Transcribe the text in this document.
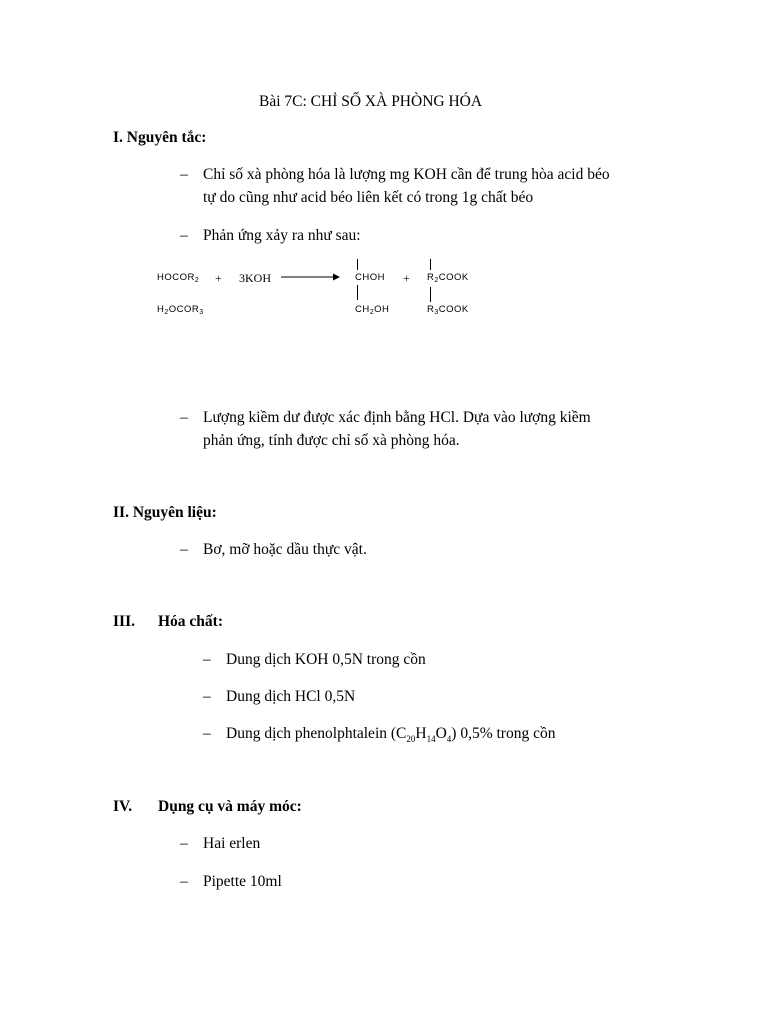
Bài 7C: CHỈ SỐ XÀ PHÒNG HÓA
I. Nguyên tắc:
– Chỉ số xà phòng hóa là lượng mg KOH cần để trung hòa acid béo
tự do cũng như acid béo liên kết có trong 1g chất béo
– Phản ứng xảy ra như sau:
$HOCOR_2$
$H_2OCOR_3$
+ 3KOH → CHOH
$CH_2OH$
+ $R_2COOK$
$R_3COOK$
– Lượng kiềm dư được xác định bằng HCl. Dựa vào lượng kiềm
phản ứng, tính được chỉ số xà phòng hóa.
II. Nguyên liệu:
– Bơ, mỡ hoặc dầu thực vật.
III. Hóa chất:
– Dung dịch KOH 0,5N trong cồn
– Dung dịch HCl 0,5N
– Dung dịch phenolphtalein $(C_{20}H_{14}O_4)$ 0,5% trong cồn
IV. Dụng cụ và máy móc:
– Hai erlen
– Pipette 10ml
